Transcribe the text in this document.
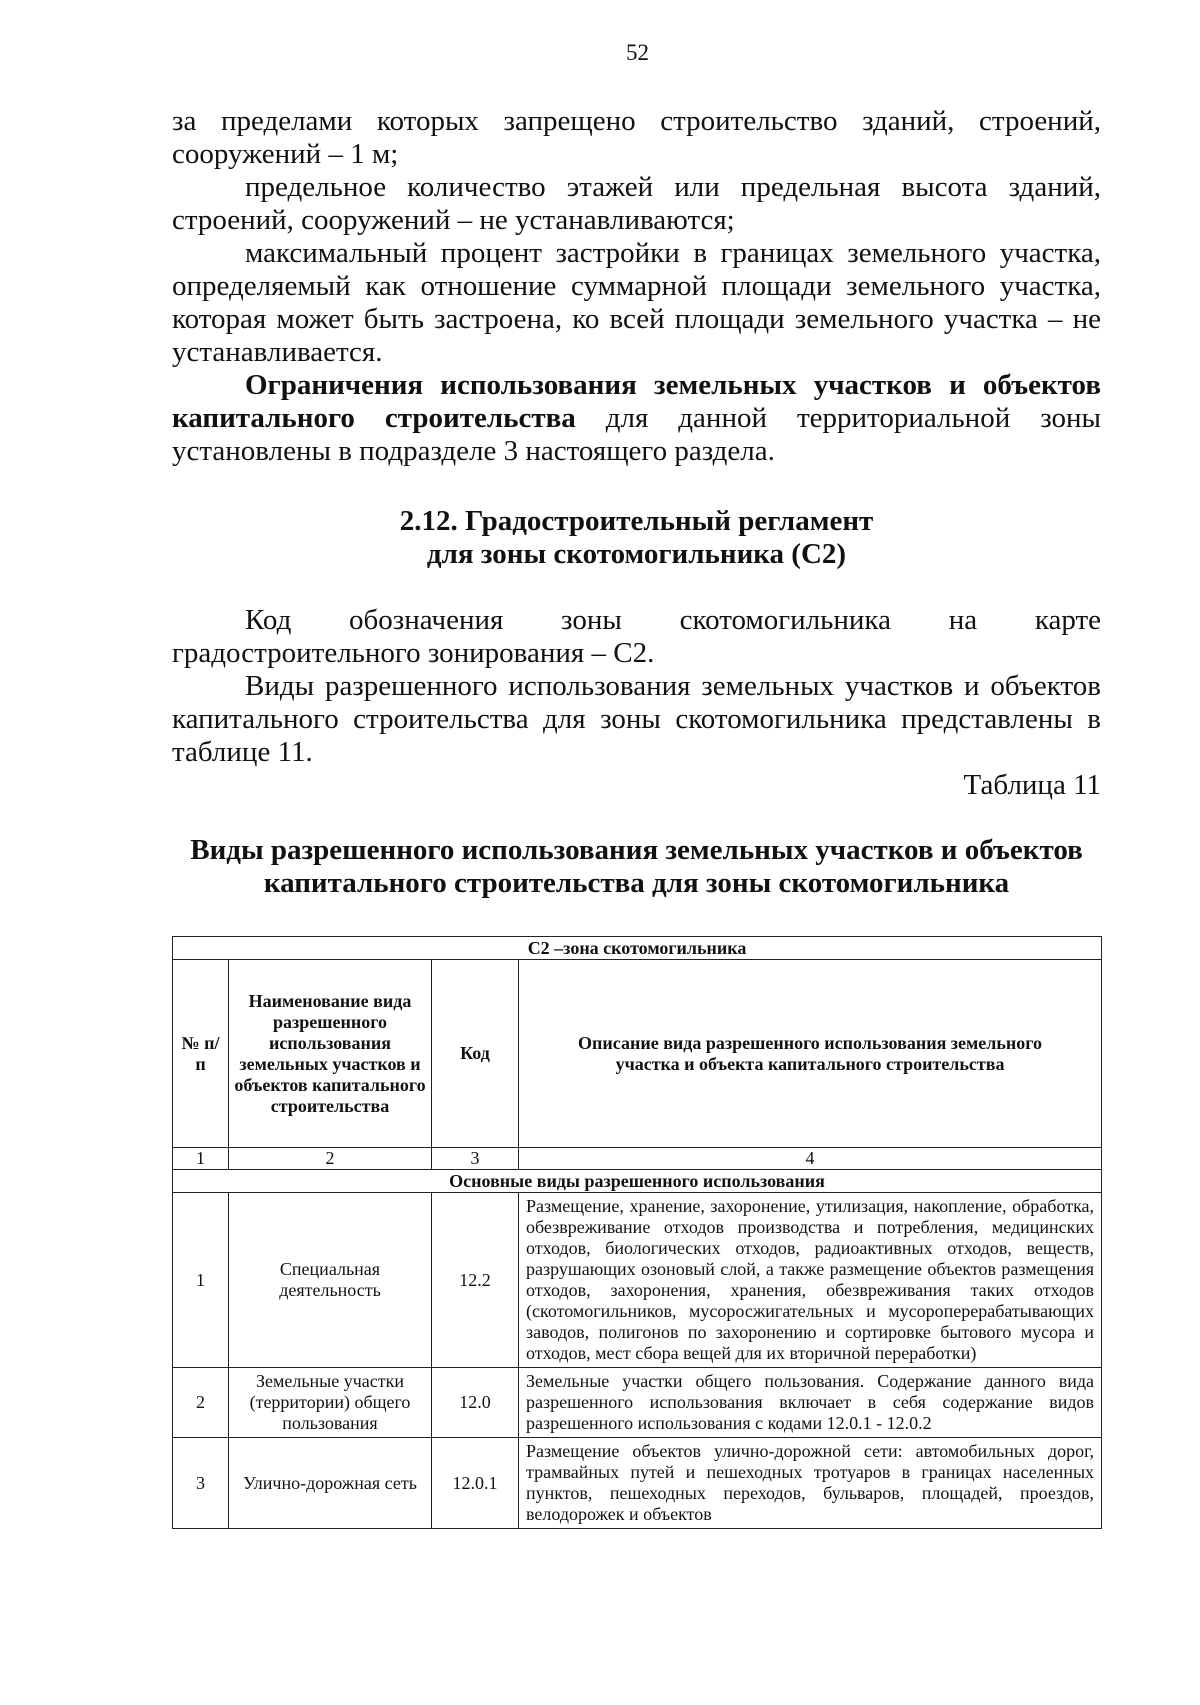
52

за пределами которых запрещено строительство зданий, строений, сооружений – 1 м;

предельное количество этажей или предельная высота зданий, строений, сооружений – не устанавливаются;

максимальный процент застройки в границах земельного участка, определяемый как отношение суммарной площади земельного участка, которая может быть застроена, ко всей площади земельного участка – не устанавливается.

Ограничения использования земельных участков и объектов капитального строительства для данной территориальной зоны установлены в подразделе 3 настоящего раздела.

2.12. Градостроительный регламент
для зоны скотомогильника (С2)
Код обозначения зоны скотомогильника на карте
градостроительного зонирования – С2.

Виды разрешенного использования земельных участков и объектов капитального строительства для зоны скотомогильника представлены в таблице 11.

Таблица 11
Виды разрешенного использования земельных участков и объектов
капитального строительства для зоны скотомогильника
С2 –зона скотомогильника			
№ п/п	Наименование вида разрешенного использования земельных участков и объектов капитального строительства	Код	Описание вида разрешенного использования земельного участка и объекта капитального строительства
1	2	3	4
Основные виды разрешенного использования			
1	Специальная деятельность	12.2	Размещение, хранение, захоронение, утилизация, накопление, обработка, обезвреживание отходов производства и потребления, медицинских отходов, биологических отходов, радиоактивных отходов, веществ, разрушающих озоновый слой, а также размещение объектов размещения отходов, захоронения, хранения, обезвреживания таких отходов (скотомогильников, мусоросжигательных и мусороперерабатывающих заводов, полигонов по захоронению и сортировке бытового мусора и отходов, мест сбора вещей для их вторичной переработки)
2	Земельные участки (территории) общего пользования	12.0	Земельные участки общего пользования. Содержание данного вида разрешенного использования включает в себя содержание видов разрешенного использования с кодами 12.0.1 - 12.0.2
3	Улично-дорожная сеть	12.0.1	Размещение объектов улично-дорожной сети: автомобильных дорог, трамвайных путей и пешеходных тротуаров в границах населенных пунктов, пешеходных переходов, бульваров, площадей, проездов, велодорожек и объектов
